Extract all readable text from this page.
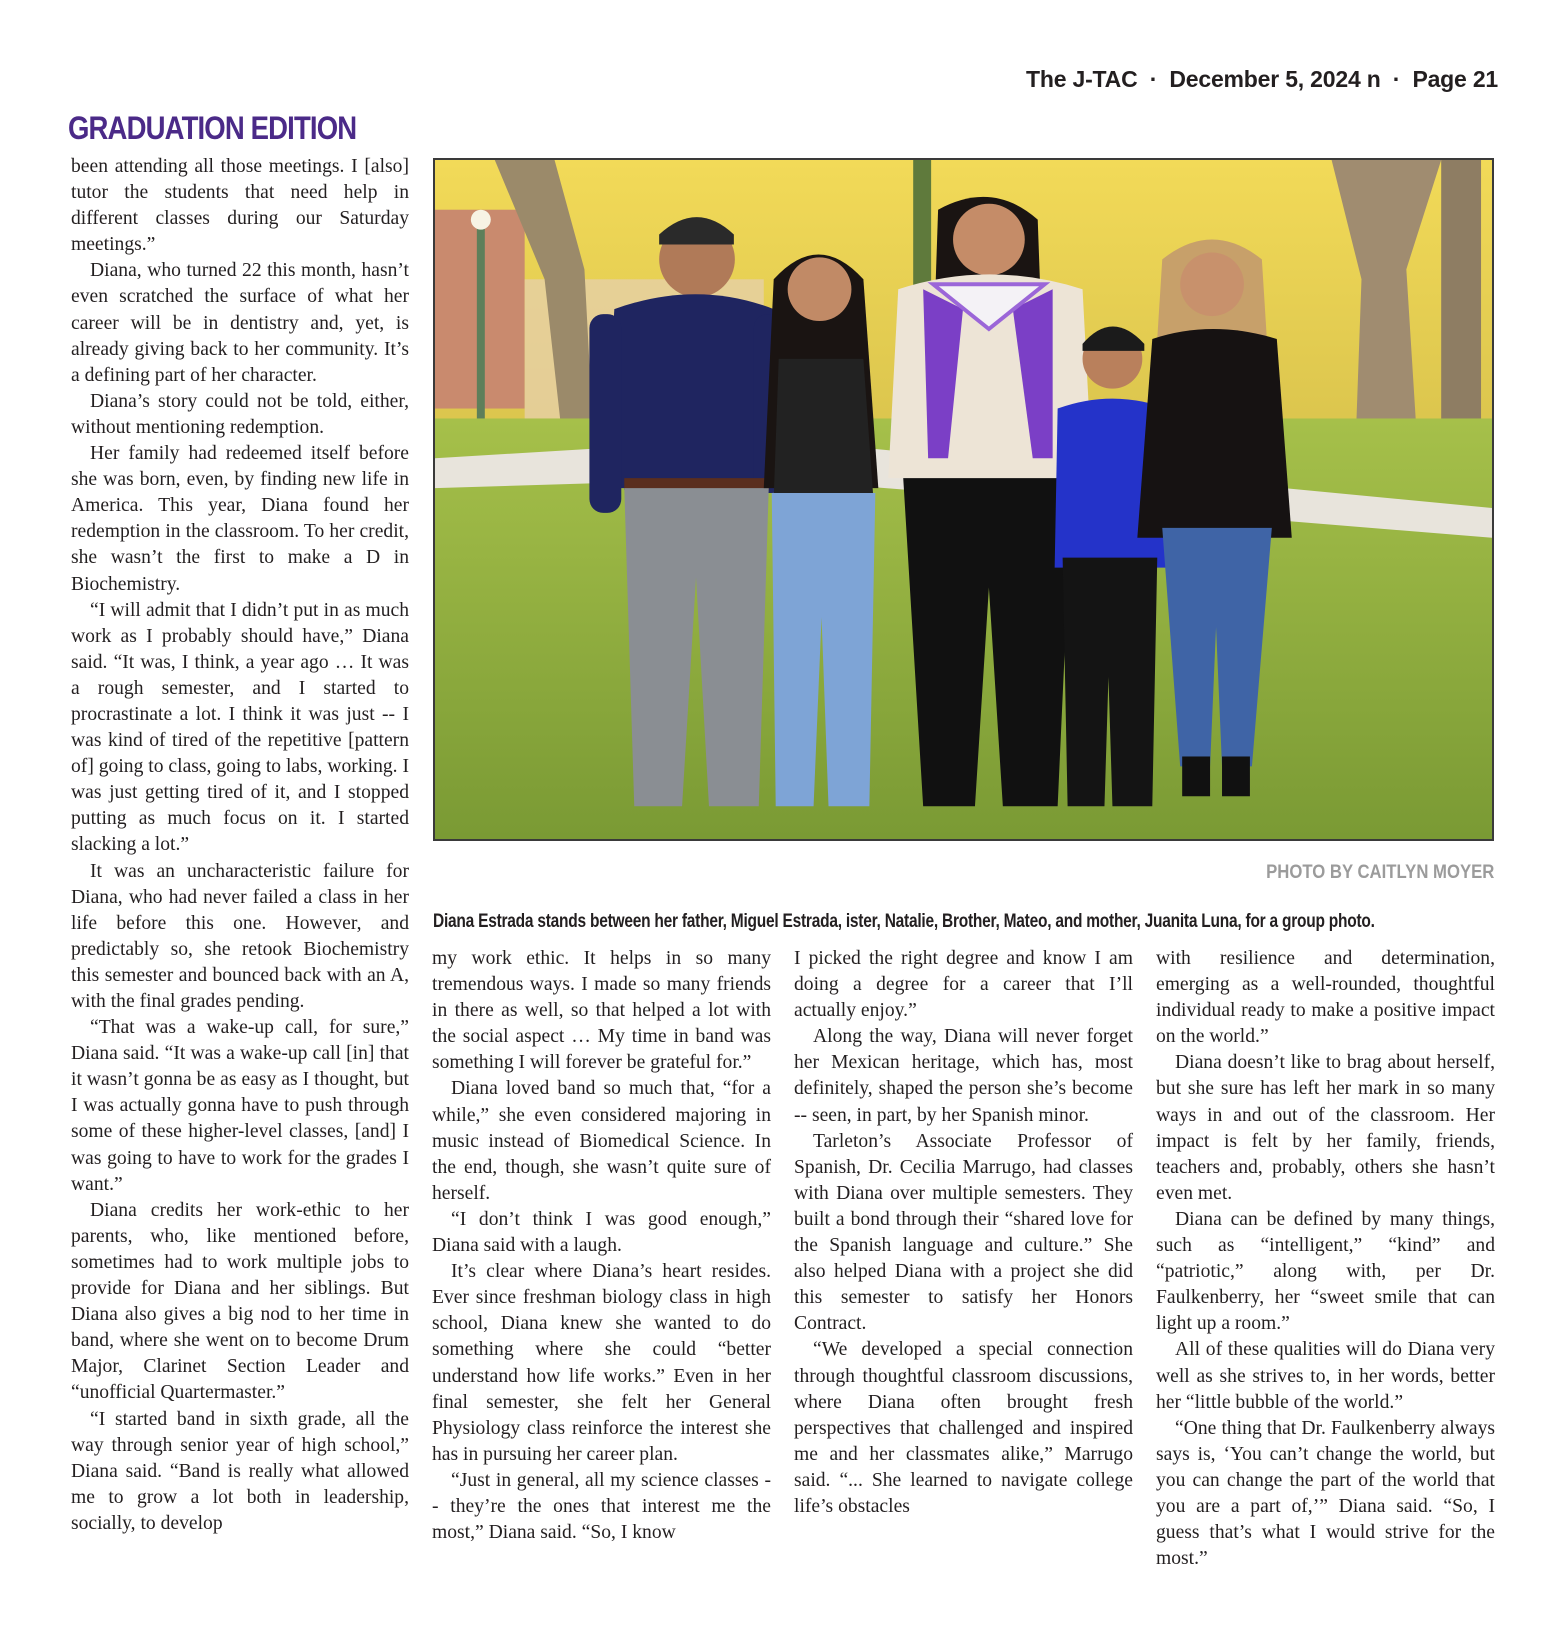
The J-TAC · December 5, 2024 n · Page 21
GRADUATION EDITION
PHOTO BY CAITLYN MOYER
Diana Estrada stands between her father, Miguel Estrada, ister, Natalie, Brother, Mateo, and mother, Juanita Luna, for a group photo.

been attending all those meetings. I [also] tutor the students that need help in different classes during our Saturday meetings.”

Diana, who turned 22 this month, hasn’t even scratched the surface of what her career will be in dentistry and, yet, is already giving back to her community. It’s a defining part of her character.

Diana’s story could not be told, either, without mentioning redemption.

Her family had redeemed itself before she was born, even, by finding new life in America. This year, Diana found her redemption in the classroom. To her credit, she wasn’t the first to make a D in Biochemistry.

“I will admit that I didn’t put in as much work as I probably should have,” Diana said. “It was, I think, a year ago … It was a rough semester, and I started to procrastinate a lot. I think it was just -- I was kind of tired of the repetitive [pattern of] going to class, going to labs, working. I was just getting tired of it, and I stopped putting as much focus on it. I started slacking a lot.”

It was an uncharacteristic failure for Diana, who had never failed a class in her life before this one. However, and predictably so, she retook Biochemistry this semester and bounced back with an A, with the final grades pending.

“That was a wake-up call, for sure,” Diana said. “It was a wake-up call [in] that it wasn’t gonna be as easy as I thought, but I was actually gonna have to push through some of these higher-level classes, [and] I was going to have to work for the grades I want.”

Diana credits her work-ethic to her parents, who, like mentioned before, sometimes had to work multiple jobs to provide for Diana and her siblings. But Diana also gives a big nod to her time in band, where she went on to become Drum Major, Clarinet Section Leader and “unofficial Quartermaster.”

“I started band in sixth grade, all the way through senior year of high school,” Diana said. “Band is really what allowed me to grow a lot both in leadership, socially, to develop

my work ethic. It helps in so many tremendous ways. I made so many friends in there as well, so that helped a lot with the social aspect … My time in band was something I will forever be grateful for.”

Diana loved band so much that, “for a while,” she even considered majoring in music instead of Biomedical Science. In the end, though, she wasn’t quite sure of herself.

“I don’t think I was good enough,” Diana said with a laugh.

It’s clear where Diana’s heart resides. Ever since freshman biology class in high school, Diana knew she wanted to do something where she could “better understand how life works.” Even in her final semester, she felt her General Physiology class reinforce the interest she has in pursuing her career plan.

“Just in general, all my science classes -- they’re the ones that interest me the most,” Diana said. “So, I know

I picked the right degree and know I am doing a degree for a career that I’ll actually enjoy.”

Along the way, Diana will never forget her Mexican heritage, which has, most definitely, shaped the person she’s become -- seen, in part, by her Spanish minor.

Tarleton’s Associate Professor of Spanish, Dr. Cecilia Marrugo, had classes with Diana over multiple semesters. They built a bond through their “shared love for the Spanish language and culture.” She also helped Diana with a project she did this semester to satisfy her Honors Contract.

“We developed a special connection through thoughtful classroom discussions, where Diana often brought fresh perspectives that challenged and inspired me and her classmates alike,” Marrugo said. “... She learned to navigate college life’s obstacles

with resilience and determination, emerging as a well-rounded, thoughtful individual ready to make a positive impact on the world.”

Diana doesn’t like to brag about herself, but she sure has left her mark in so many ways in and out of the classroom. Her impact is felt by her family, friends, teachers and, probably, others she hasn’t even met.

Diana can be defined by many things, such as “intelligent,” “kind” and “patriotic,” along with, per Dr. Faulkenberry, her “sweet smile that can light up a room.”

All of these qualities will do Diana very well as she strives to, in her words, better her “little bubble of the world.”

“One thing that Dr. Faulkenberry always says is, ‘You can’t change the world, but you can change the part of the world that you are a part of,’” Diana said. “So, I guess that’s what I would strive for the most.”
